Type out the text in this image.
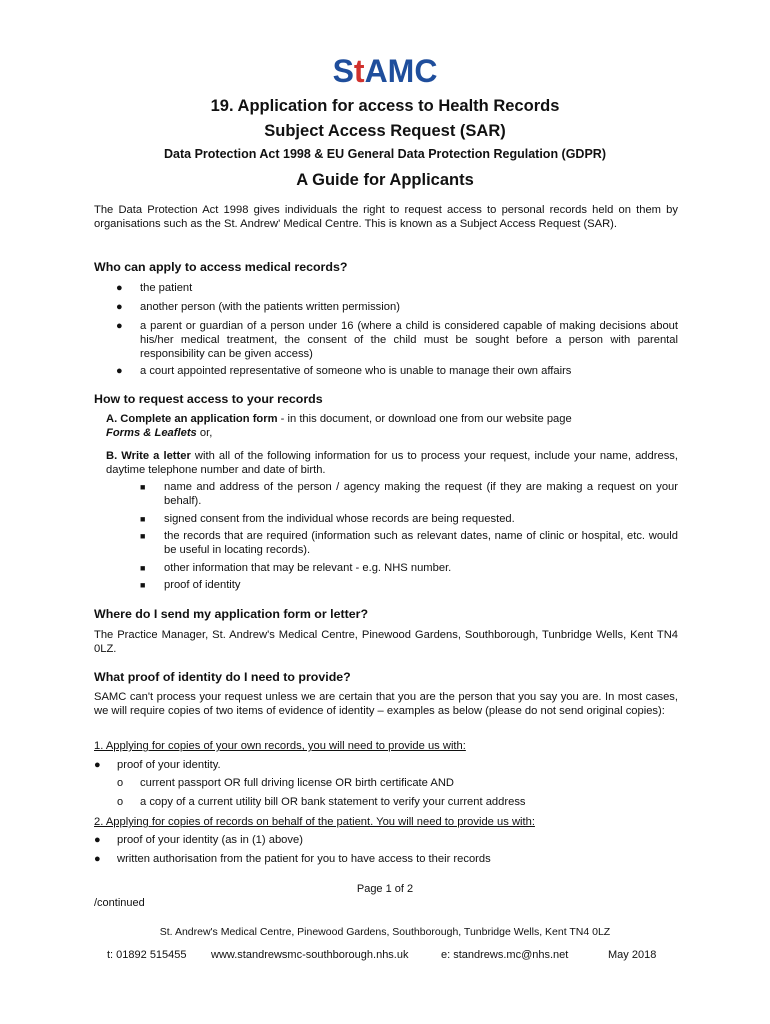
StAMC
19. Application for access to Health Records
Subject Access Request (SAR)
Data Protection Act 1998 & EU General Data Protection Regulation (GDPR)
A Guide for Applicants
The Data Protection Act 1998 gives individuals the right to request access to personal records held on them by organisations such as the St. Andrew' Medical Centre. This is known as a Subject Access Request (SAR).
Who can apply to access medical records?
● the patient
● another person (with the patients written permission)
● a parent or guardian of a person under 16 (where a child is considered capable of making decisions about his/her medical treatment, the consent of the child must be sought before a person with parental responsibility can be given access)
● a court appointed representative of someone who is unable to manage their own affairs
How to request access to your records
A. Complete an application form - in this document, or download one from our website page
Forms & Leaflets or,
B. Write a letter with all of the following information for us to process your request, include your name, address, daytime telephone number and date of birth.
■ name and address of the person / agency making the request (if they are making a request on your behalf).
■ signed consent from the individual whose records are being requested.
■ the records that are required (information such as relevant dates, name of clinic or hospital, etc. would be useful in locating records).
■ other information that may be relevant - e.g. NHS number.
■ proof of identity
Where do I send my application form or letter?
The Practice Manager, St. Andrew's Medical Centre, Pinewood Gardens, Southborough, Tunbridge Wells, Kent TN4 0LZ.
What proof of identity do I need to provide?
SAMC can't process your request unless we are certain that you are the person that you say you are. In most cases, we will require copies of two items of evidence of identity – examples as below (please do not send original copies):
1. Applying for copies of your own records, you will need to provide us with:
● proof of your identity.
o current passport OR full driving license OR birth certificate AND
o a copy of a current utility bill OR bank statement to verify your current address
2. Applying for copies of records on behalf of the patient. You will need to provide us with:
● proof of your identity (as in (1) above)
● written authorisation from the patient for you to have access to their records
Page 1 of 2
/continued
St. Andrew's Medical Centre, Pinewood Gardens, Southborough, Tunbridge Wells, Kent TN4 0LZ
t: 01892 515455 www.standrewsmc-southborough.nhs.uk	e: standrews.mc@nhs.net	May 2018
